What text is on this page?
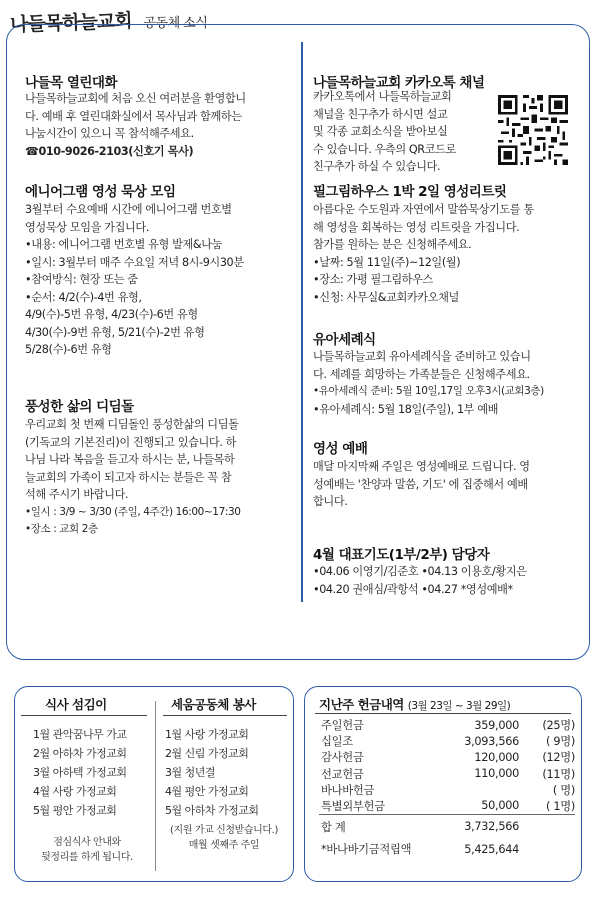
나들목하늘교회 공동체 소식
나들목 열린대화
나들목하늘교회에 처음 오신 여러분을 환영합니
다. 예배 후 열린대화실에서 목사님과 함께하는
나눔시간이 있으니 꼭 참석해주세요.
☎010-9026-2103(신호기 목사)
에니어그램 영성 묵상 모임
3월부터 수요예배 시간에 에니어그램 번호별
영성묵상 모임을 가집니다.
•내용: 에니어그램 번호별 유형 발제&나눔
•일시: 3월부터 매주 수요일 저녁 8시-9시30분
•참여방식: 현장 또는 줌
•순서: 4/2(수)-4번 유형,
4/9(수)-5번 유형, 4/23(수)-6번 유형
4/30(수)-9번 유형, 5/21(수)-2번 유형
5/28(수)-6번 유형
풍성한 삶의 디딤돌
우리교회 첫 번째 디딤돌인 풍성한삶의 디딤돌
(기독교의 기본진리)이 진행되고 있습니다. 하
나님 나라 복음을 듣고자 하시는 분, 나들목하
늘교회의 가족이 되고자 하시는 분들은 꼭 참
석해 주시기 바랍니다.
•일시 : 3/9 ~ 3/30 (주일, 4주간) 16:00~17:30
•장소 : 교회 2층
나들목하늘교회 카카오톡 채널
카카오톡에서 나들목하늘교회
채널을 친구추가 하시면 설교
및 각종 교회소식을 받아보실
수 있습니다. 우측의 QR코드로
친구추가 하실 수 있습니다.
필그림하우스 1박 2일 영성리트릿
아름다운 수도원과 자연에서 말씀묵상기도를 통
해 영성을 회복하는 영성 리트릿을 가집니다.
참가를 원하는 분은 신청해주세요.
•날짜: 5월 11일(주)~12일(월)
•장소: 가평 필그림하우스
•신청: 사무실&교회카카오채널
유아세례식
나들목하늘교회 유아세례식을 준비하고 있습니
다. 세례를 희망하는 가족분들은 신청해주세요.
•유아세례식 준비: 5월 10일,17일 오후3시(교회3층)
•유아세례식: 5월 18일(주일), 1부 예배
영성 예배
매달 마지막째 주일은 영성예배로 드립니다. 영
성예배는 '찬양과 말씀, 기도' 에 집중해서 예배
합니다.
4월 대표기도(1부/2부) 담당자
•04.06 이영기/김준호 •04.13 이용호/황지은
•04.20 권애심/곽항석 •04.27 *영성예배*
식사 섬김이
1월 관악꿈나무 가교
2월 아하차 가정교회
3월 아하텍 가정교회
4월 사랑 가정교회
5월 평안 가정교회
점심식사 안내와
뒷정리를 하게 됩니다.
세움공동체 봉사
1월 사랑 가정교회
2월 신림 가정교회
3월 청년결
4월 평안 가정교회
5월 아하차 가정교회
(지원 가교 신청받습니다.)
매월 셋째주 주일
지난주 헌금내역 (3월 23일 ~ 3월 29일)
주일헌금	359,000	(25명)
십일조	3,093,566	( 9명)
감사헌금	120,000	(12명)
선교헌금	110,000	(11명)
바나바헌금		( 명)
특별외부헌금	50,000	( 1명)
합 계	3,732,566	

*바나바기금적립액	5,425,644	
